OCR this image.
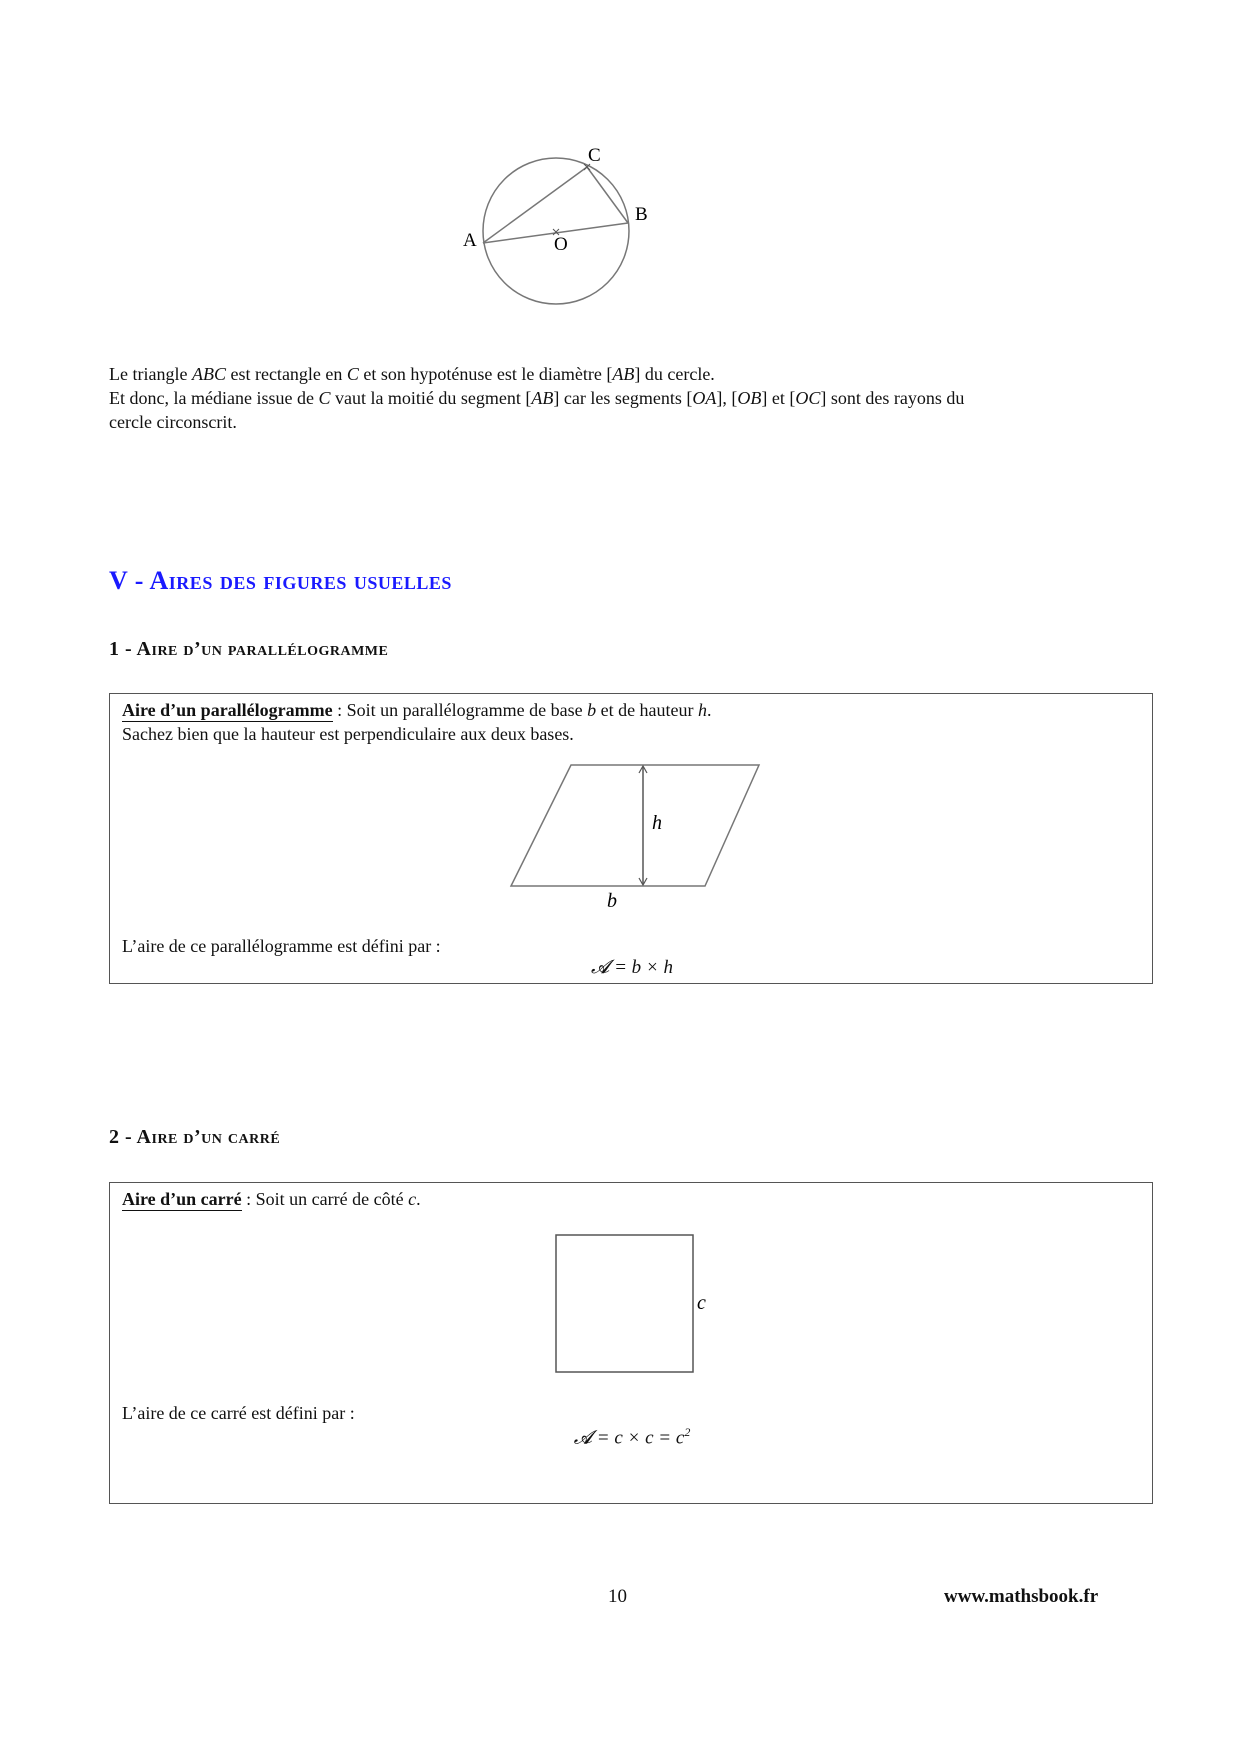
A
B
C
O
Le triangle ABC est rectangle en C et son hypoténuse est le diamètre [AB] du cercle.
Et donc, la médiane issue de C vaut la moitié du segment [AB] car les segments [OA], [OB] et [OC] sont des rayons du
cercle circonscrit.
V - Aires des figures usuelles
1 - Aire d’un parallélogramme
Aire d’un parallélogramme : Soit un parallélogramme de base b et de hauteur h.
Sachez bien que la hauteur est perpendiculaire aux deux bases.
h
b
L’aire de ce parallélogramme est défini par :
𝓐 = b × h
2 - Aire d’un carré
Aire d’un carré : Soit un carré de côté c.
c
L’aire de ce carré est défini par :
𝓐 = $c \times c = c^2$
10	www.mathsbook.fr
